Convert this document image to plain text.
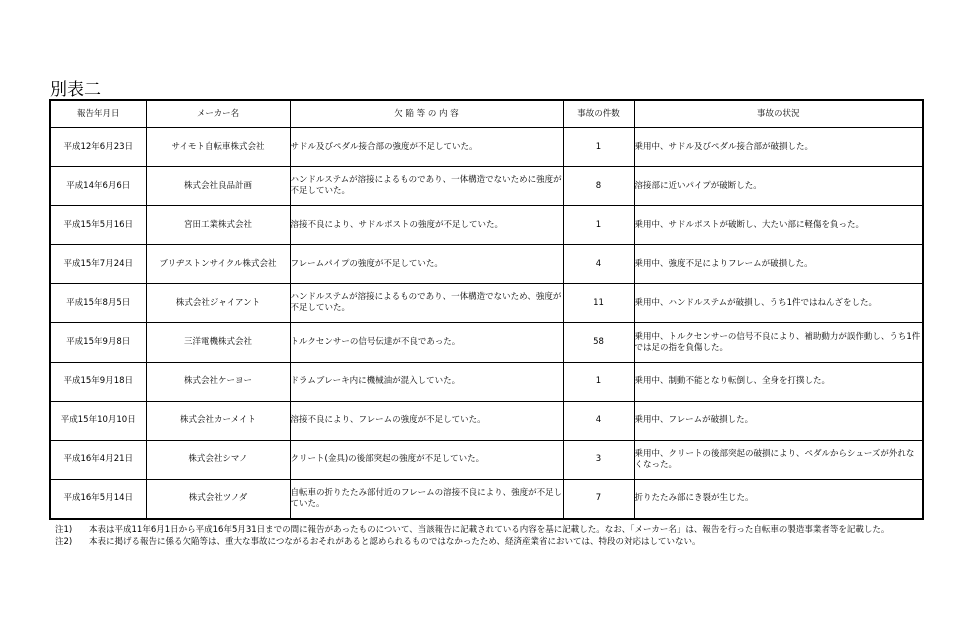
別表二
報告年月日	メーカー名	欠 陥 等 の 内 容	事故の件数	事故の状況
平成12年6月23日	サイモト自転車株式会社	サドル及びペダル接合部の強度が不足していた。	1	乗用中、サドル及びペダル接合部が破損した。
平成14年6月6日	株式会社良品計画	ハンドルステムが溶接によるものであり、一体構造でないために強度が不足していた。	8	溶接部に近いパイプが破断した。
平成15年5月16日	宮田工業株式会社	溶接不良により、サドルポストの強度が不足していた。	1	乗用中、サドルポストが破断し、大たい部に軽傷を負った。
平成15年7月24日	ブリヂストンサイクル株式会社	フレームパイプの強度が不足していた。	4	乗用中、強度不足によりフレームが破損した。
平成15年8月5日	株式会社ジャイアント	ハンドルステムが溶接によるものであり、一体構造でないため、強度が不足していた。	11	乗用中、ハンドルステムが破損し、うち1件ではねんざをした。
平成15年9月8日	三洋電機株式会社	トルクセンサーの信号伝達が不良であった。	58	乗用中、トルクセンサーの信号不良により、補助動力が誤作動し、うち1件では足の指を負傷した。
平成15年9月18日	株式会社ケーヨー	ドラムブレーキ内に機械油が混入していた。	1	乗用中、制動不能となり転倒し、全身を打撲した。
平成15年10月10日	株式会社カーメイト	溶接不良により、フレームの強度が不足していた。	4	乗用中、フレームが破損した。
平成16年4月21日	株式会社シマノ	クリート(金具)の後部突起の強度が不足していた。	3	乗用中、クリートの後部突起の破損により、ペダルからシューズが外れなくなった。
平成16年5月14日	株式会社ツノダ	自転車の折りたたみ部付近のフレームの溶接不良により、強度が不足していた。	7	折りたたみ部にき裂が生じた。
注1)	本表は平成11年6月1日から平成16年5月31日までの間に報告があったものについて、当該報告に記載されている内容を基に記載した。なお、「メーカー名」は、報告を行った自転車の製造事業者等を記載した。
注2)	本表に掲げる報告に係る欠陥等は、重大な事故につながるおそれがあると認められるものではなかったため、経済産業省においては、特段の対応はしていない。
